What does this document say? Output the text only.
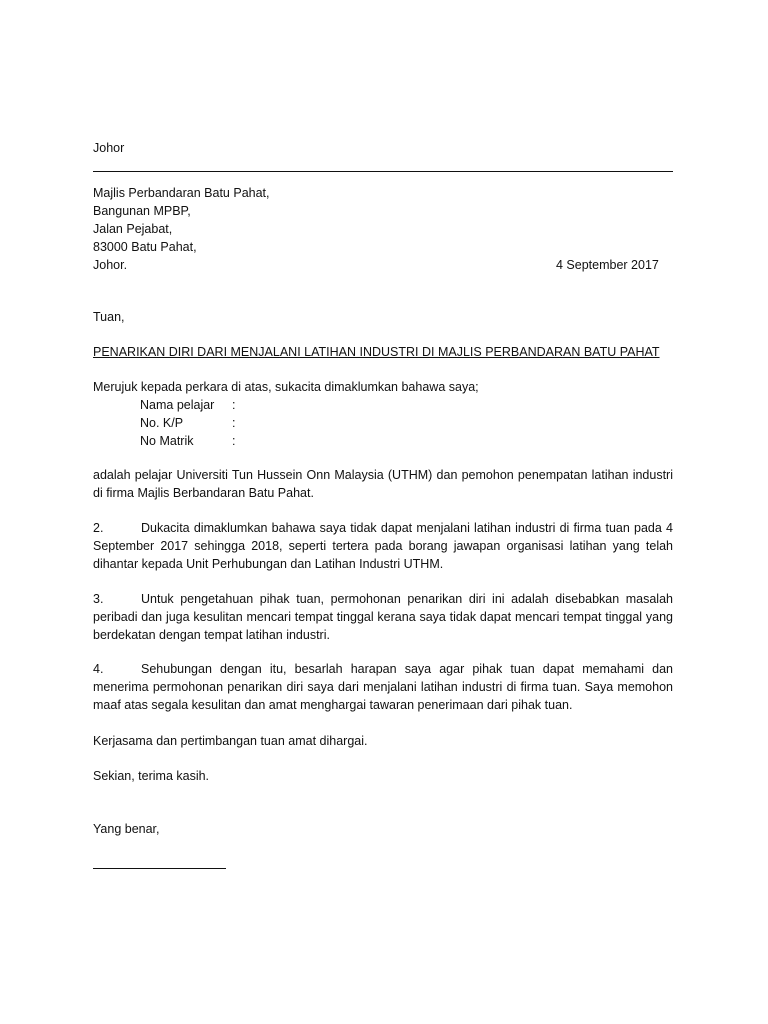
Johor
Majlis Perbandaran Batu Pahat,
Bangunan MPBP,
Jalan Pejabat,
83000 Batu Pahat,
Johor.	4 September 2017
Tuan,
PENARIKAN DIRI DARI MENJALANI LATIHAN INDUSTRI DI MAJLIS PERBANDARAN BATU PAHAT
Merujuk kepada perkara di atas, sukacita dimaklumkan bahawa saya;
Nama pelajar :
No. K/P	:
No Matrik	:
adalah pelajar Universiti Tun Hussein Onn Malaysia (UTHM) dan pemohon penempatan latihan industri di firma Majlis Berbandaran Batu Pahat.
2.	Dukacita dimaklumkan bahawa saya tidak dapat menjalani latihan industri di firma tuan pada 4 September 2017 sehingga 2018, seperti tertera pada borang jawapan organisasi latihan yang telah dihantar kepada Unit Perhubungan dan Latihan Industri UTHM.
3.	Untuk pengetahuan pihak tuan, permohonan penarikan diri ini adalah disebabkan masalah peribadi dan juga kesulitan mencari tempat tinggal kerana saya tidak dapat mencari tempat tinggal yang berdekatan dengan tempat latihan industri.
4.	Sehubungan dengan itu, besarlah harapan saya agar pihak tuan dapat memahami dan menerima permohonan penarikan diri saya dari menjalani latihan industri di firma tuan. Saya memohon maaf atas segala kesulitan dan amat menghargai tawaran penerimaan dari pihak tuan.
Kerjasama dan pertimbangan tuan amat dihargai.
Sekian, terima kasih.
Yang benar,
